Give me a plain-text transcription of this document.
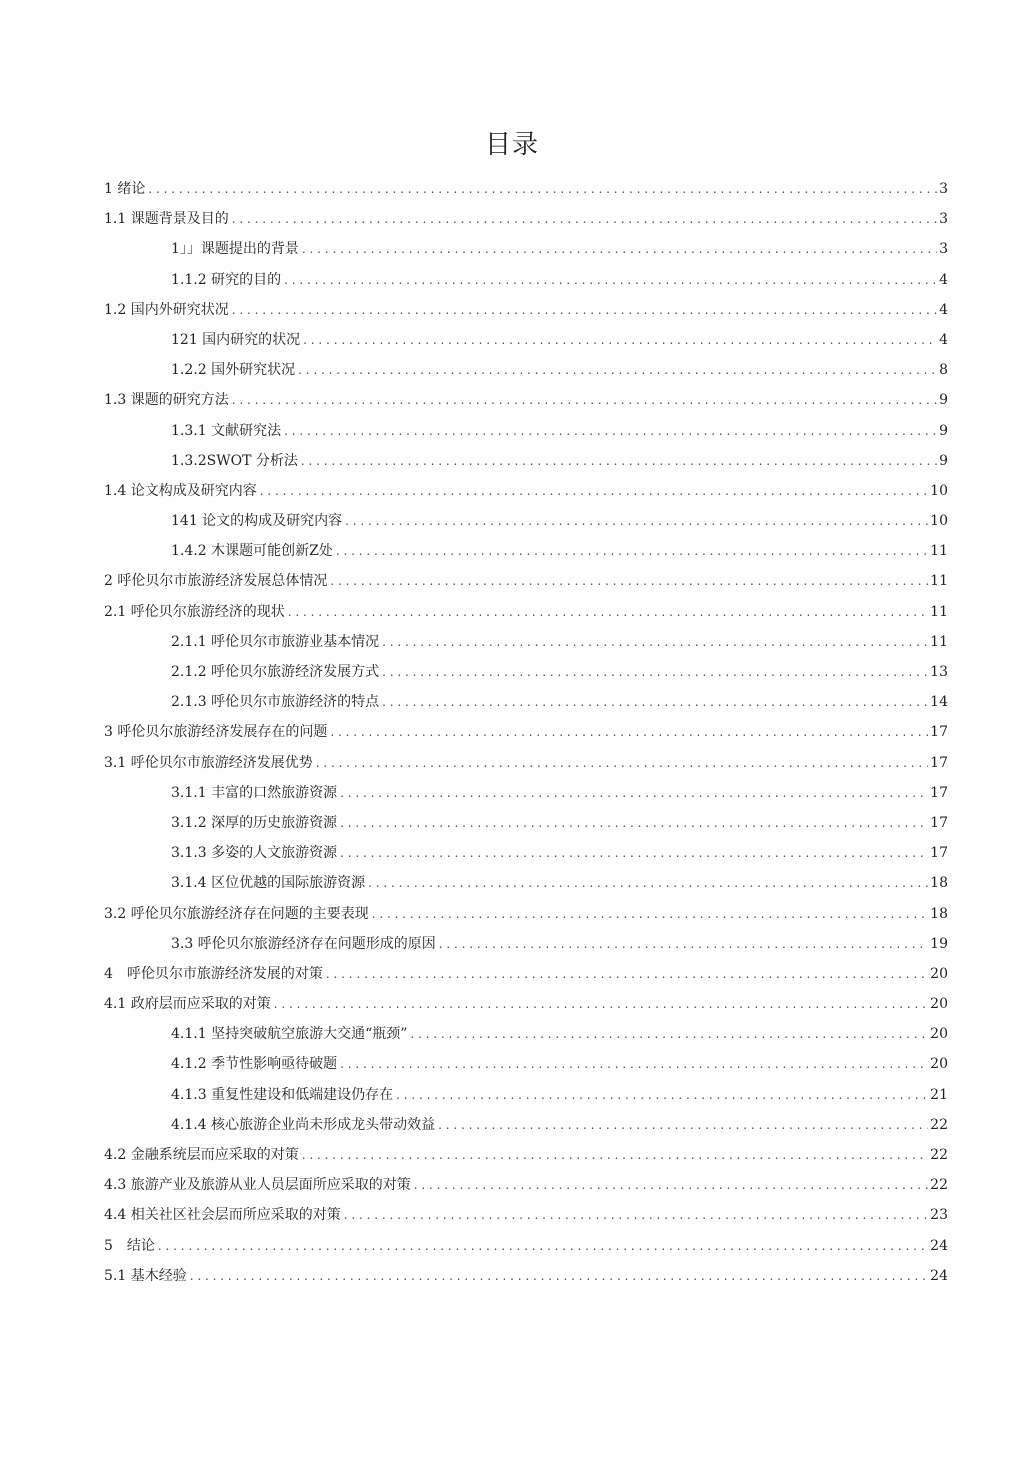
目录
1 绪论 . . .	3
1.1 课题背景及目的 . . .	3
1」」课题提出的背景 . . .	3
1.1.2 研究的目的 . . .	4
1.2 国内外研究状况 . . .	4
121 国内研究的状况 . . .	4
1.2.2 国外研究状况 . . .	8
1.3 课题的研究方法 . . .	9
1.3.1 文献研究法 . . .	9
1.3.2SWOT 分析法 . . .	9
1.4 论文构成及研究内容 . . .	10
141 论文的构成及研究内容 . . .	10
1.4.2 木课题可能创新Z处 . . .	11
2 呼伦贝尔市旅游经济发展总体情况 . . .	11
2.1 呼伦贝尔旅游经济的现状 . . .	11
2.1.1 呼伦贝尔市旅游业基本情况 . . .	11
2.1.2 呼伦贝尔旅游经济发展方式 . . .	13
2.1.3 呼伦贝尔市旅游经济的特点 . . .	14
3 呼伦贝尔旅游经济发展存在的问题 . . .	17
3.1 呼伦贝尔市旅游经济发展优势 . . .	17
3.1.1 丰富的口然旅游资源 . . .	17
3.1.2 深厚的历史旅游资源 . . .	17
3.1.3 多姿的人文旅游资源 . . .	17
3.1.4 区位优越的国际旅游资源 . . .	18
3.2 呼伦贝尔旅游经济存在问题的主要表现 . . .	18
3.3 呼伦贝尔旅游经济存在问题形成的原因 . . .	19
4　呼伦贝尔市旅游经济发展的对策 . . .	20
4.1 政府层而应采取的对策 . . .	20
4.1.1 坚持突破航空旅游大交通“瓶颈” . . .	20
4.1.2 季节性影响亟待破题 . . .	20
4.1.3 重复性建设和低端建设仍存在 . . .	21
4.1.4 核心旅游企业尚未形成龙头带动效益 . . .	22
4.2 金融系统层而应采取的对策 . . .	22
4.3 旅游产业及旅游从业人员层面所应采取的对策 . . .	22
4.4 相关社区社会层而所应采取的对策 . . .	23
5　结论 . . .	24
5.1 基木经验 . . .	24
